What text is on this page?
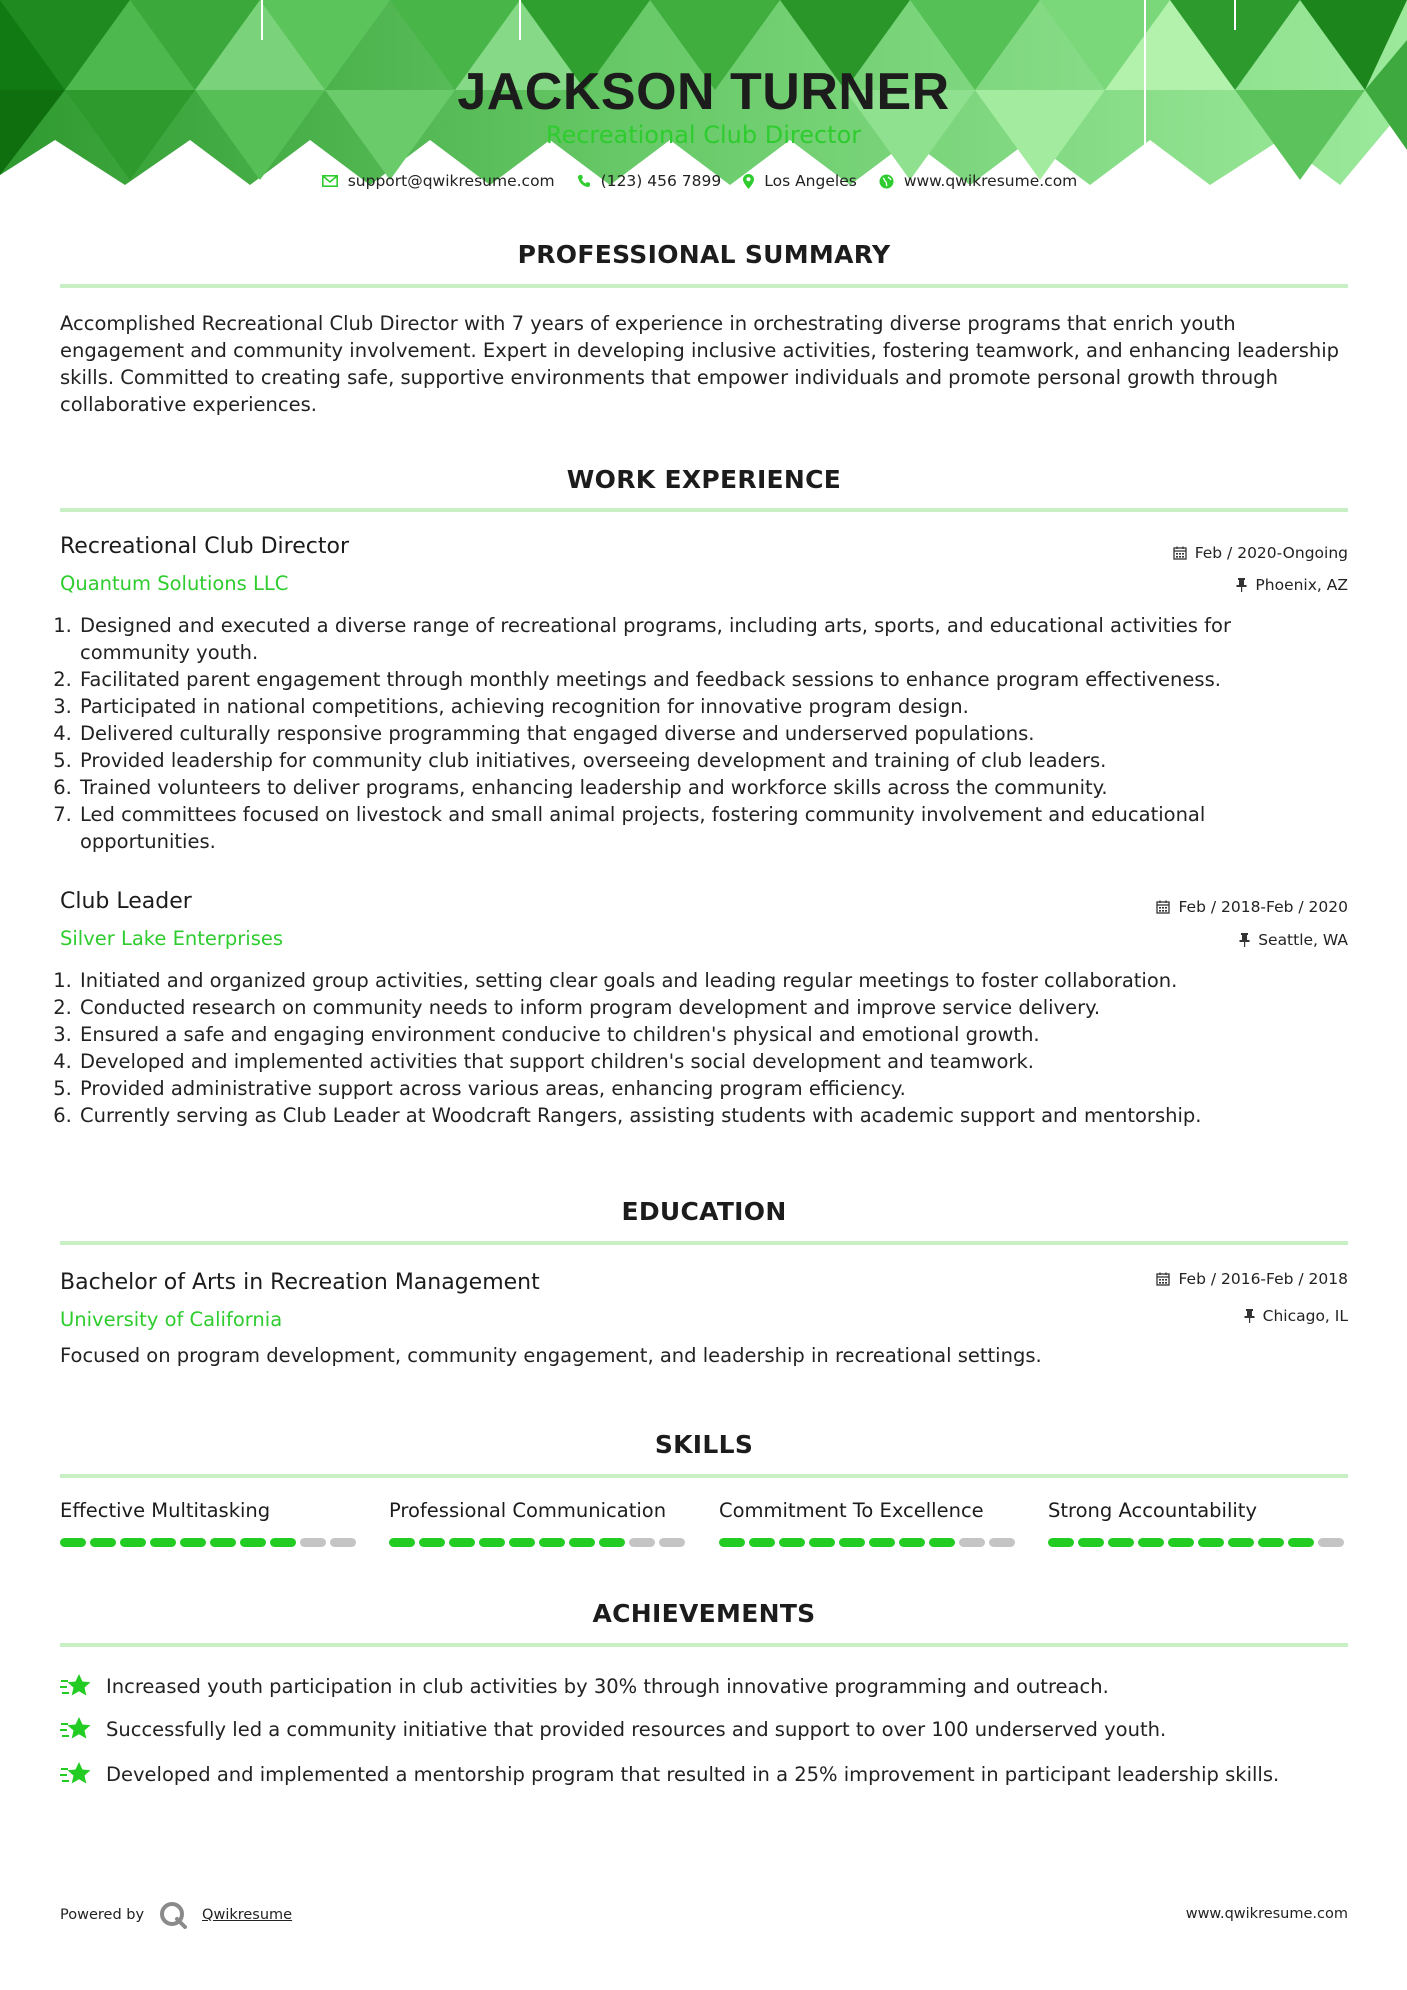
JACKSON TURNER
Recreational Club Director
support@qwikresume.com	(123) 456 7899	Los Angeles	www.qwikresume.com
PROFESSIONAL SUMMARY
Accomplished Recreational Club Director with 7 years of experience in orchestrating diverse programs that enrich youth engagement and community involvement. Expert in developing inclusive activities, fostering teamwork, and enhancing leadership skills. Committed to creating safe, supportive environments that empower individuals and promote personal growth through collaborative experiences.
WORK EXPERIENCE
Recreational Club Director	Feb / 2020-Ongoing
Quantum Solutions LLC	Phoenix, AZ
1. Designed and executed a diverse range of recreational programs, including arts, sports, and educational activities for community youth.
2. Facilitated parent engagement through monthly meetings and feedback sessions to enhance program effectiveness.
3. Participated in national competitions, achieving recognition for innovative program design.
4. Delivered culturally responsive programming that engaged diverse and underserved populations.
5. Provided leadership for community club initiatives, overseeing development and training of club leaders.
6. Trained volunteers to deliver programs, enhancing leadership and workforce skills across the community.
7. Led committees focused on livestock and small animal projects, fostering community involvement and educational opportunities.
Club Leader	Feb / 2018-Feb / 2020
Silver Lake Enterprises	Seattle, WA
1. Initiated and organized group activities, setting clear goals and leading regular meetings to foster collaboration.
2. Conducted research on community needs to inform program development and improve service delivery.
3. Ensured a safe and engaging environment conducive to children's physical and emotional growth.
4. Developed and implemented activities that support children's social development and teamwork.
5. Provided administrative support across various areas, enhancing program efficiency.
6. Currently serving as Club Leader at Woodcraft Rangers, assisting students with academic support and mentorship.
EDUCATION
Bachelor of Arts in Recreation Management	Feb / 2016-Feb / 2018
University of California	Chicago, IL
Focused on program development, community engagement, and leadership in recreational settings.
SKILLS
Effective Multitasking	Professional Communication	Commitment To Excellence	Strong Accountability
ACHIEVEMENTS
Increased youth participation in club activities by 30% through innovative programming and outreach.
Successfully led a community initiative that provided resources and support to over 100 underserved youth.
Developed and implemented a mentorship program that resulted in a 25% improvement in participant leadership skills.
Powered by	Qwikresume	www.qwikresume.com
